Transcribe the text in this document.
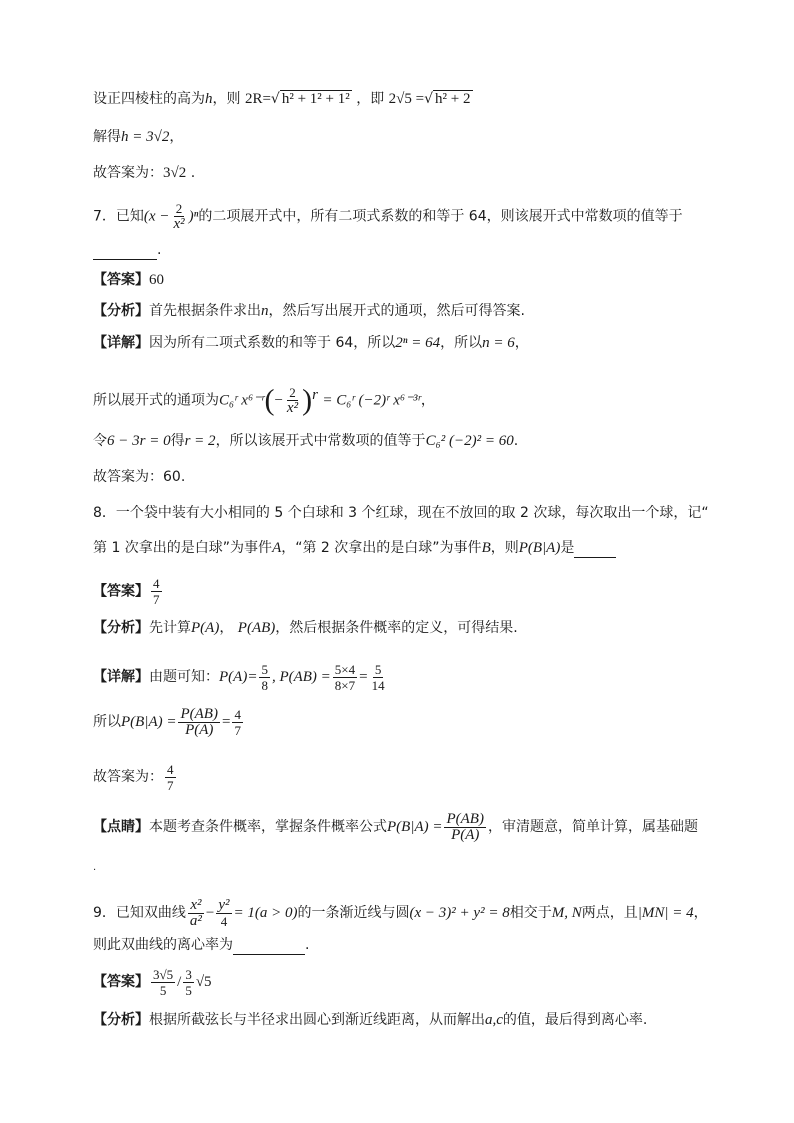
设正四棱柱的高为h，则 2R=√ h² + 1² + 1² ，即 2√5 =√ h² + 2
解得h = 3√2，
故答案为：3√2 .
7．已知$(x - \frac{2}{\text{x²}} )^n$的二项展开式中，所有二项式系数的和等于 64，则该展开式中常数项的值等于
.
【答案】60
【分析】首先根据条件求出n，然后写出展开式的通项，然后可得答案.
【详解】因为所有二项式系数的和等于 64，所以2ⁿ = 64，所以n = 6，
所以展开式的通项为C₆ʳ x⁶⁻ʳ(− $\frac{2}{\text{x²}} )^r$ = C₆ʳ (−2)ʳ x⁶⁻³ʳ，
令6 − 3r = 0得r = 2，所以该展开式中常数项的值等于C₆² (−2)² = 60.
故答案为：60.
8．一个袋中装有大小相同的 5 个白球和 3 个红球，现在不放回的取 2 次球，每次取出一个球，记“
第 1 次拿出的是白球”为事件A，“第 2 次拿出的是白球”为事件B，则P(B|A)是
【答案】 $\frac{4}{7}$
【分析】先计算P(A)， P(AB)，然后根据条件概率的定义，可得结果.
【详解】由题可知：$P(A)= \frac{5}{8}$ , $P(AB) = \frac{5\times 4}{8\times 7} = \frac{5}{14}$
所以$P(B|A) = \frac{P(AB)}{P(A)} = \frac{4}{7}$
故答案为： $\frac{4}{7}$
【点睛】本题考查条件概率，掌握条件概率公式$P(B|A) = \frac{P(AB)}{P(A)}$ ，审清题意，简单计算，属基础题
.
9．已知双曲线 $\frac{\text{x²}}{\text{a²}} - \frac{\text{y²}}{4} = 1(a > 0)$的一条渐近线与圆(x − 3)² + y² = 8相交于M, N两点，且|MN| = 4，
则此双曲线的离心率为	.
【答案】 $\frac{3√5}{5} / \frac{3}{5} √5$
【分析】根据所截弦长与半径求出圆心到渐近线距离，从而解出a,c的值，最后得到离心率.
